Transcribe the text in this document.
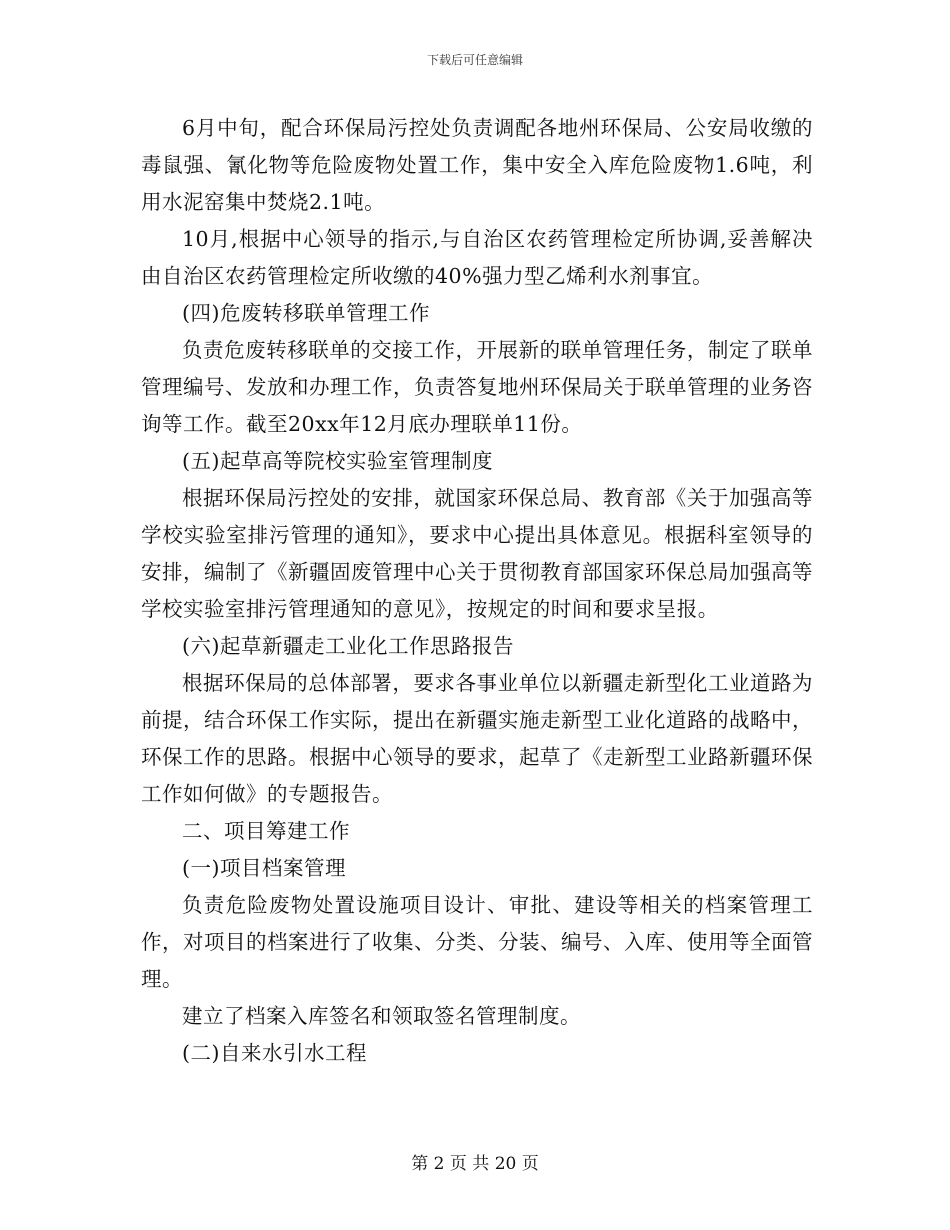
下载后可任意编辑

6月中旬，配合环保局污控处负责调配各地州环保局、公安局收缴的毒鼠强、氰化物等危险废物处置工作，集中安全入库危险废物1.6吨，利用水泥窑集中焚烧2.1吨。

10月,根据中心领导的指示,与自治区农药管理检定所协调,妥善解决由自治区农药管理检定所收缴的40%强力型乙烯利水剂事宜。

(四)危废转移联单管理工作

负责危废转移联单的交接工作，开展新的联单管理任务，制定了联单管理编号、发放和办理工作，负责答复地州环保局关于联单管理的业务咨询等工作。截至20xx年12月底办理联单11份。

(五)起草高等院校实验室管理制度

根据环保局污控处的安排，就国家环保总局、教育部《关于加强高等学校实验室排污管理的通知》，要求中心提出具体意见。根据科室领导的安排，编制了《新疆固废管理中心关于贯彻教育部国家环保总局加强高等学校实验室排污管理通知的意见》，按规定的时间和要求呈报。

(六)起草新疆走工业化工作思路报告

根据环保局的总体部署，要求各事业单位以新疆走新型化工业道路为前提，结合环保工作实际，提出在新疆实施走新型工业化道路的战略中，环保工作的思路。根据中心领导的要求，起草了《走新型工业路新疆环保工作如何做》的专题报告。

二、项目筹建工作

(一)项目档案管理

负责危险废物处置设施项目设计、审批、建设等相关的档案管理工作，对项目的档案进行了收集、分类、分装、编号、入库、使用等全面管理。

建立了档案入库签名和领取签名管理制度。

(二)自来水引水工程

第 2 页 共 20 页
